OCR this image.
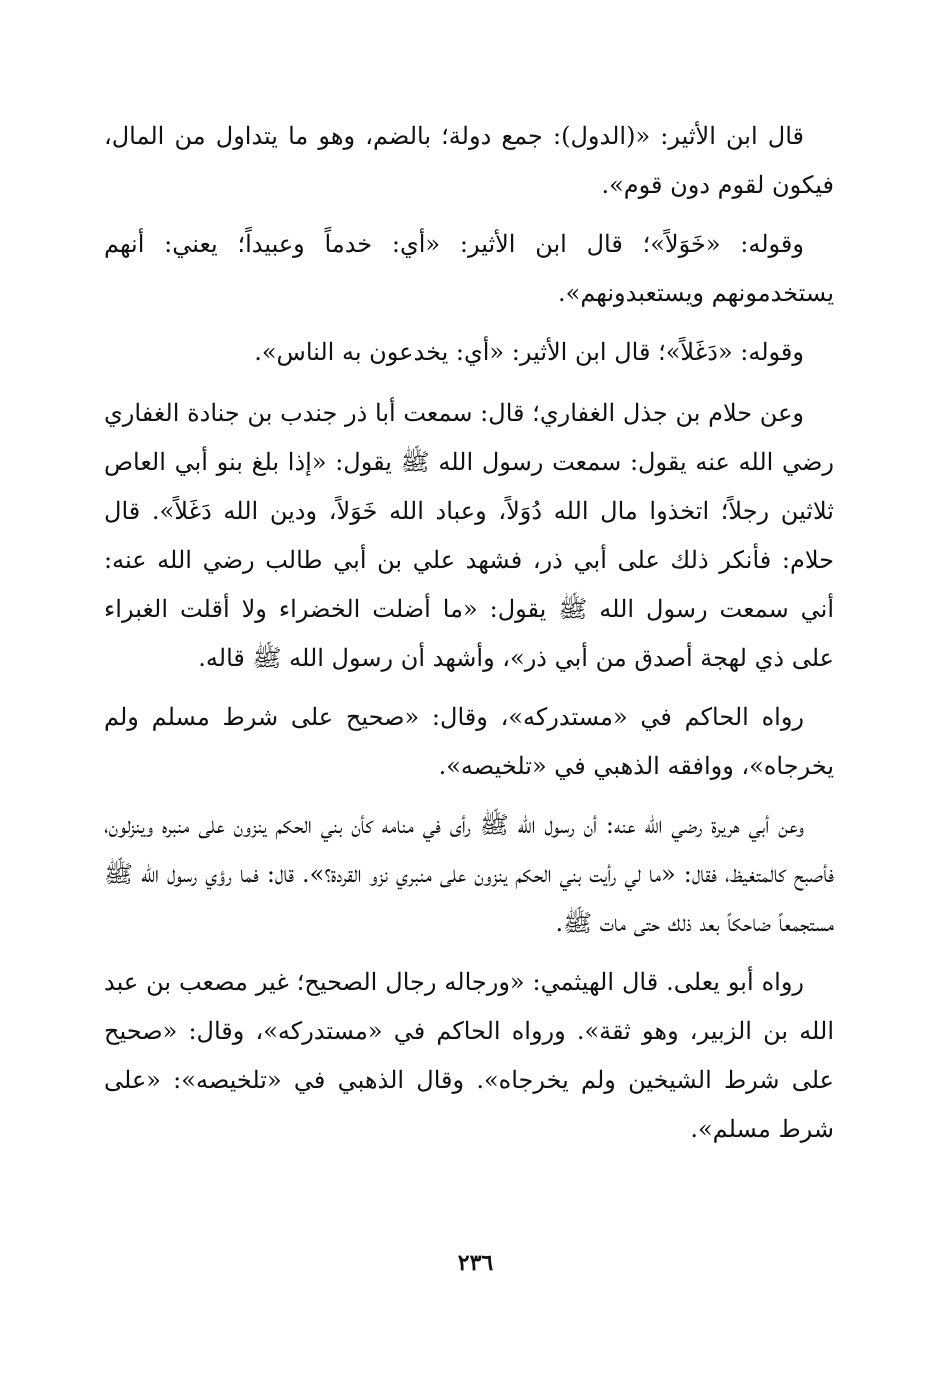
قال ابن الأثير: «(الدول): جمع دولة؛ بالضم، وهو ما يتداول من المال، فيكون لقوم دون قوم».

وقوله: «خَوَلاً»؛ قال ابن الأثير: «أي: خدماً وعبيداً؛ يعني: أنهم يستخدمونهم ويستعبدونهم».

وقوله: «دَغَلاً»؛ قال ابن الأثير: «أي: يخدعون به الناس».

وعن حلام بن جذل الغفاري؛ قال: سمعت أبا ذر جندب بن جنادة الغفاري رضي الله عنه يقول: سمعت رسول الله ﷺ يقول: «إذا بلغ بنو أبي العاص ثلاثين رجلاً؛ اتخذوا مال الله دُوَلاً، وعباد الله خَوَلاً، ودين الله دَغَلاً». قال حلام: فأنكر ذلك على أبي ذر، فشهد علي بن أبي طالب رضي الله عنه: أني سمعت رسول الله ﷺ يقول: «ما أضلت الخضراء ولا أقلت الغبراء على ذي لهجة أصدق من أبي ذر»، وأشهد أن رسول الله ﷺ قاله.

رواه الحاكم في «مستدركه»، وقال: «صحيح على شرط مسلم ولم يخرجاه»، ووافقه الذهبي في «تلخيصه».

وعن أبي هريرة رضي الله عنه: أن رسول الله ﷺ رأى في منامه كأن بني الحكم ينزون على منبره وينزلون، فأصبح كالمتغيظ، فقال: «ما لي رأيت بني الحكم ينزون على منبري نزو القردة؟». قال: فما رؤي رسول الله ﷺ مستجمعاً ضاحكاً بعد ذلك حتى مات ﷺ.

رواه أبو يعلى. قال الهيثمي: «ورجاله رجال الصحيح؛ غير مصعب بن عبد الله بن الزبير، وهو ثقة». ورواه الحاكم في «مستدركه»، وقال: «صحيح على شرط الشيخين ولم يخرجاه». وقال الذهبي في «تلخيصه»: «على شرط مسلم».

٢٣٦
